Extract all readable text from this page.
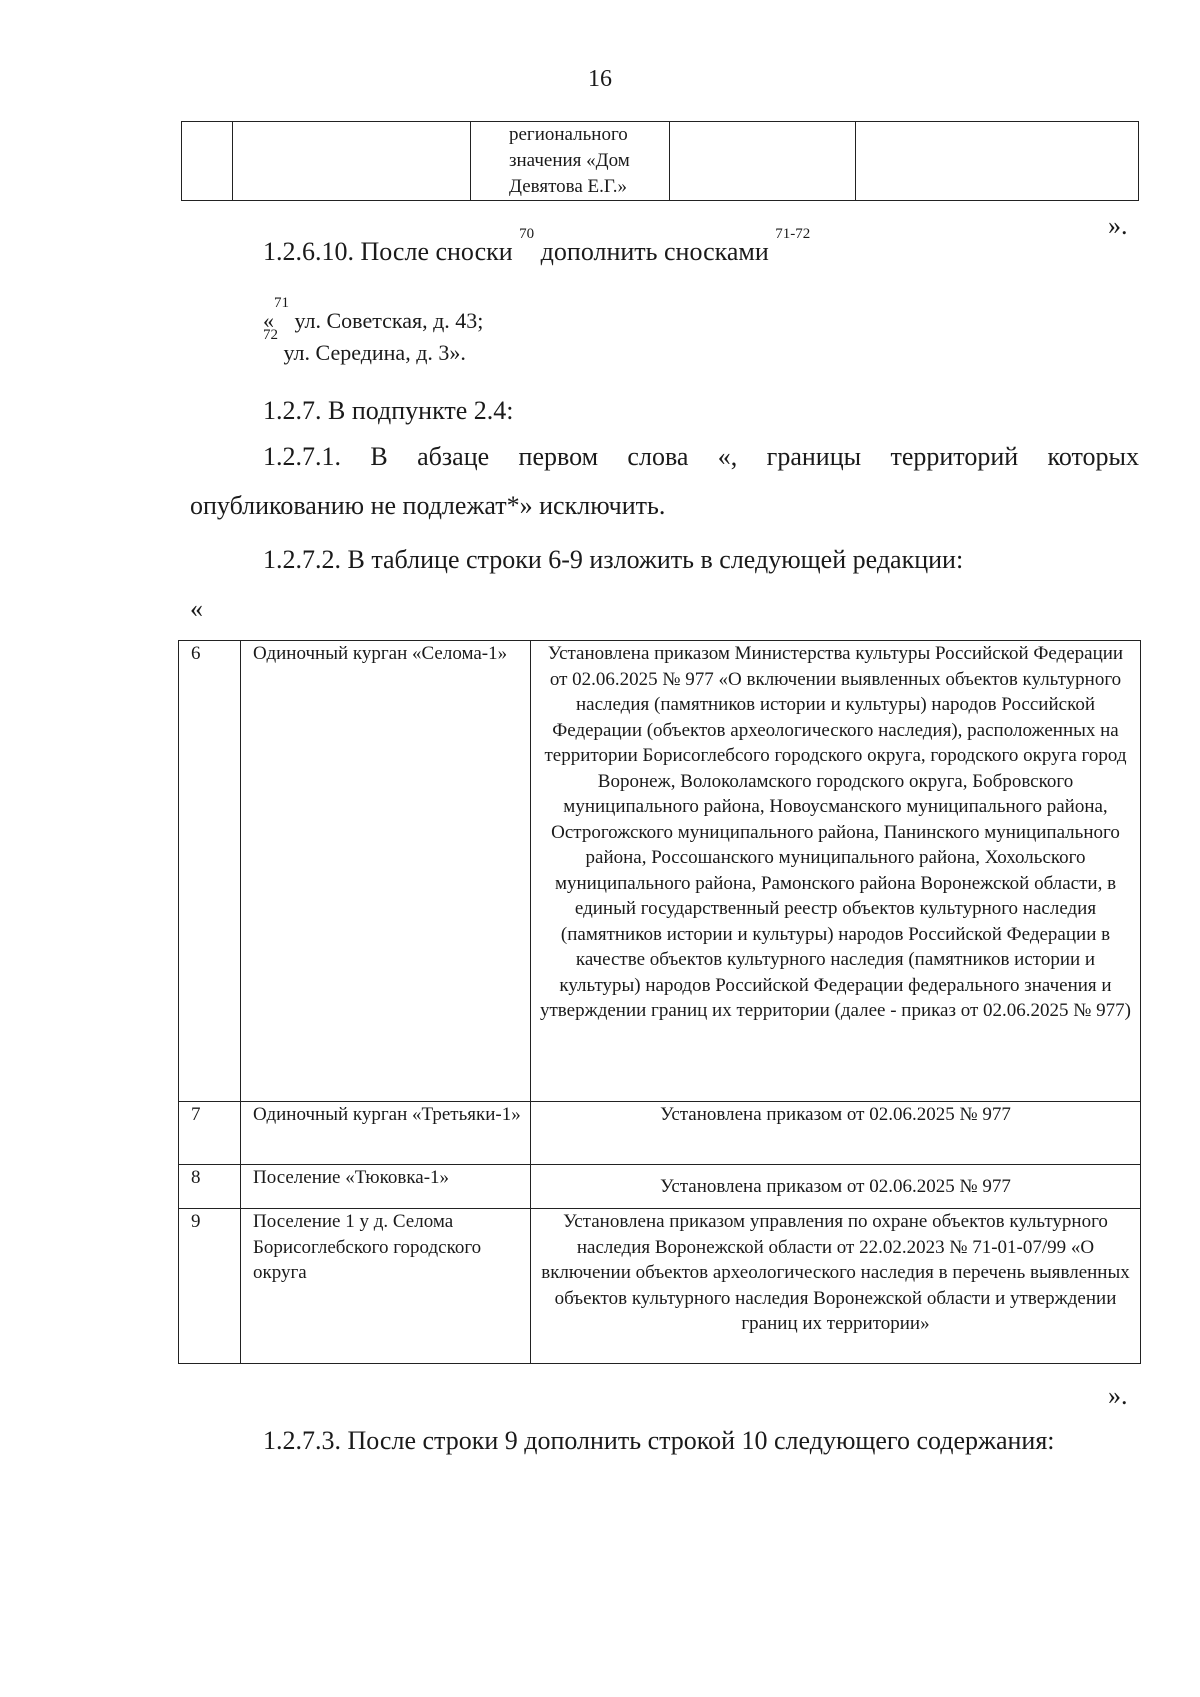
16

регионального
значения «Дом
Девятова Е.Г.»

».
1.2.6.10. После сноски $^{70}$ дополнить сносками $^{71-72}$
«$^{71}$ ул. Советская, д. 43;
$^{72}$ ул. Середина, д. 3».
1.2.7. В подпункте 2.4:
1.2.7.1. В абзаце первом слова «, границы территорий которых
опубликованию не подлежат*» исключить.
1.2.7.2. В таблице строки 6-9 изложить в следующей редакции:
«
6	Одиночный курган «Селома-1»	Установлена приказом Министерства культуры Российской Федерации от 02.06.2025 № 977 «О включении выявленных объектов культурного наследия (памятников истории и культуры) народов Российской Федерации (объектов археологического наследия), расположенных на территории Борисоглебсого городского округа, городского округа город Воронеж, Волоколамского городского округа, Бобровского муниципального района, Новоусманского муниципального района, Острогожского муниципального района, Панинского муниципального района, Россошанского муниципального района, Хохольского муниципального района, Рамонского района Воронежской области, в единый государственный реестр объектов культурного наследия (памятников истории и культуры) народов Российской Федерации в качестве объектов культурного наследия (памятников истории и культуры) народов Российской Федерации федерального значения и утверждении границ их территории (далее - приказ от 02.06.2025 № 977)
7	Одиночный курган «Третьяки-1»	Установлена приказом от 02.06.2025 № 977
8	Поселение «Тюковка-1»	Установлена приказом от 02.06.2025 № 977
9	Поселение 1 у д. Селома Борисоглебского городского округа	Установлена приказом управления по охране объектов культурного наследия Воронежской области от 22.02.2023 № 71-01-07/99 «О включении объектов археологического наследия в перечень выявленных объектов культурного наследия Воронежской области и утверждении границ их территории»
».
1.2.7.3. После строки 9 дополнить строкой 10 следующего содержания:
